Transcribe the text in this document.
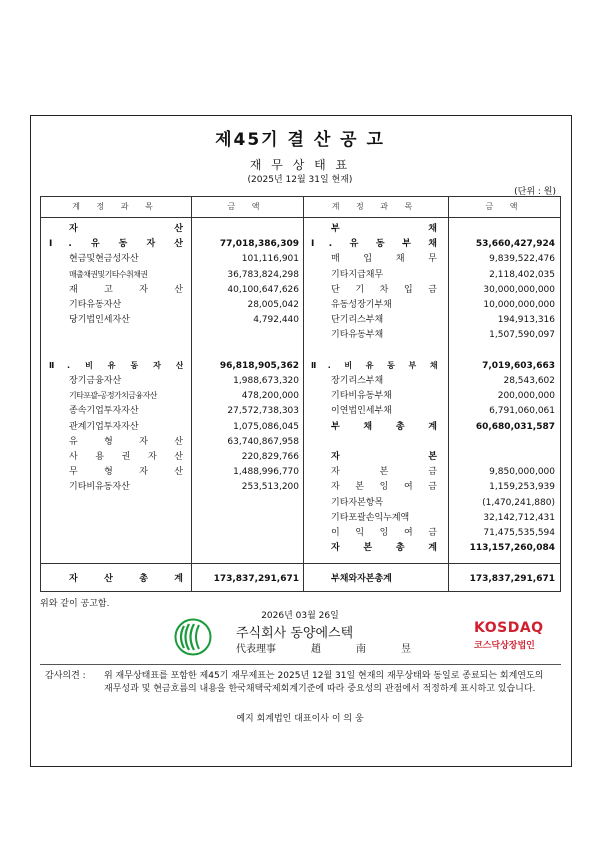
제45기 결 산 공 고
재 무 상 태 표
(2025년 12월 31일 현재)
(단위 : 원)
계 정 과 목	금 액	계 정 과 목	금 액
자 산
Ⅰ. 유 동 자 산	77,018,386,309
현금및현금성자산	101,116,901
매출채권및기타수취채권	36,783,824,298
재 고 자 산	40,100,647,626
기타유동자산	28,005,042
당기법인세자산	4,792,440
Ⅱ. 비 유 동 자 산	96,818,905,362
장기금융자산	1,988,673,320
기타포괄-공정가치금융자산	478,200,000
종속기업투자자산	27,572,738,303
관계기업투자자산	1,075,086,045
유 형 자 산	63,740,867,958
사 용 권 자 산	220,829,766
무 형 자 산	1,488,996,770
기타비유동자산	253,513,200
부 채
Ⅰ. 유 동 부 채	53,660,427,924
매 입 채 무	9,839,522,476
기타지급채무	2,118,402,035
단 기 차 입 금	30,000,000,000
유동성장기부채	10,000,000,000
단기리스부채	194,913,316
기타유동부채	1,507,590,097
Ⅱ. 비 유 동 부 채	7,019,603,663
장기리스부채	28,543,602
기타비유동부채	200,000,000
이연법인세부채	6,791,060,061
부 채 총 계	60,680,031,587
자 본
자 본 금	9,850,000,000
자 본 잉 여 금	1,159,253,939
기타자본항목	(1,470,241,880)
기타포괄손익누계액	32,142,712,431
이 익 잉 여 금	71,475,535,594
자 본 총 계	113,157,260,084
자 산 총 계	173,837,291,671	부채와자본총계	173,837,291,671
위와 같이 공고함.
2026년 03월 26일
주식회사 동양에스텍
代表理事	趙	南	昱
KOSDAQ
코스닥상장법인
감사의견 : 위 재무상태표를 포함한 제45기 재무제표는 2025년 12월 31일 현재의 재무상태와 동일로 종료되는 회계연도의 재무성과 및 현금흐름의 내용을 한국채택국제회계기준에 따라 중요성의 관점에서 적정하게 표시하고 있습니다.
예지 회계법인 대표이사 이 의 웅
